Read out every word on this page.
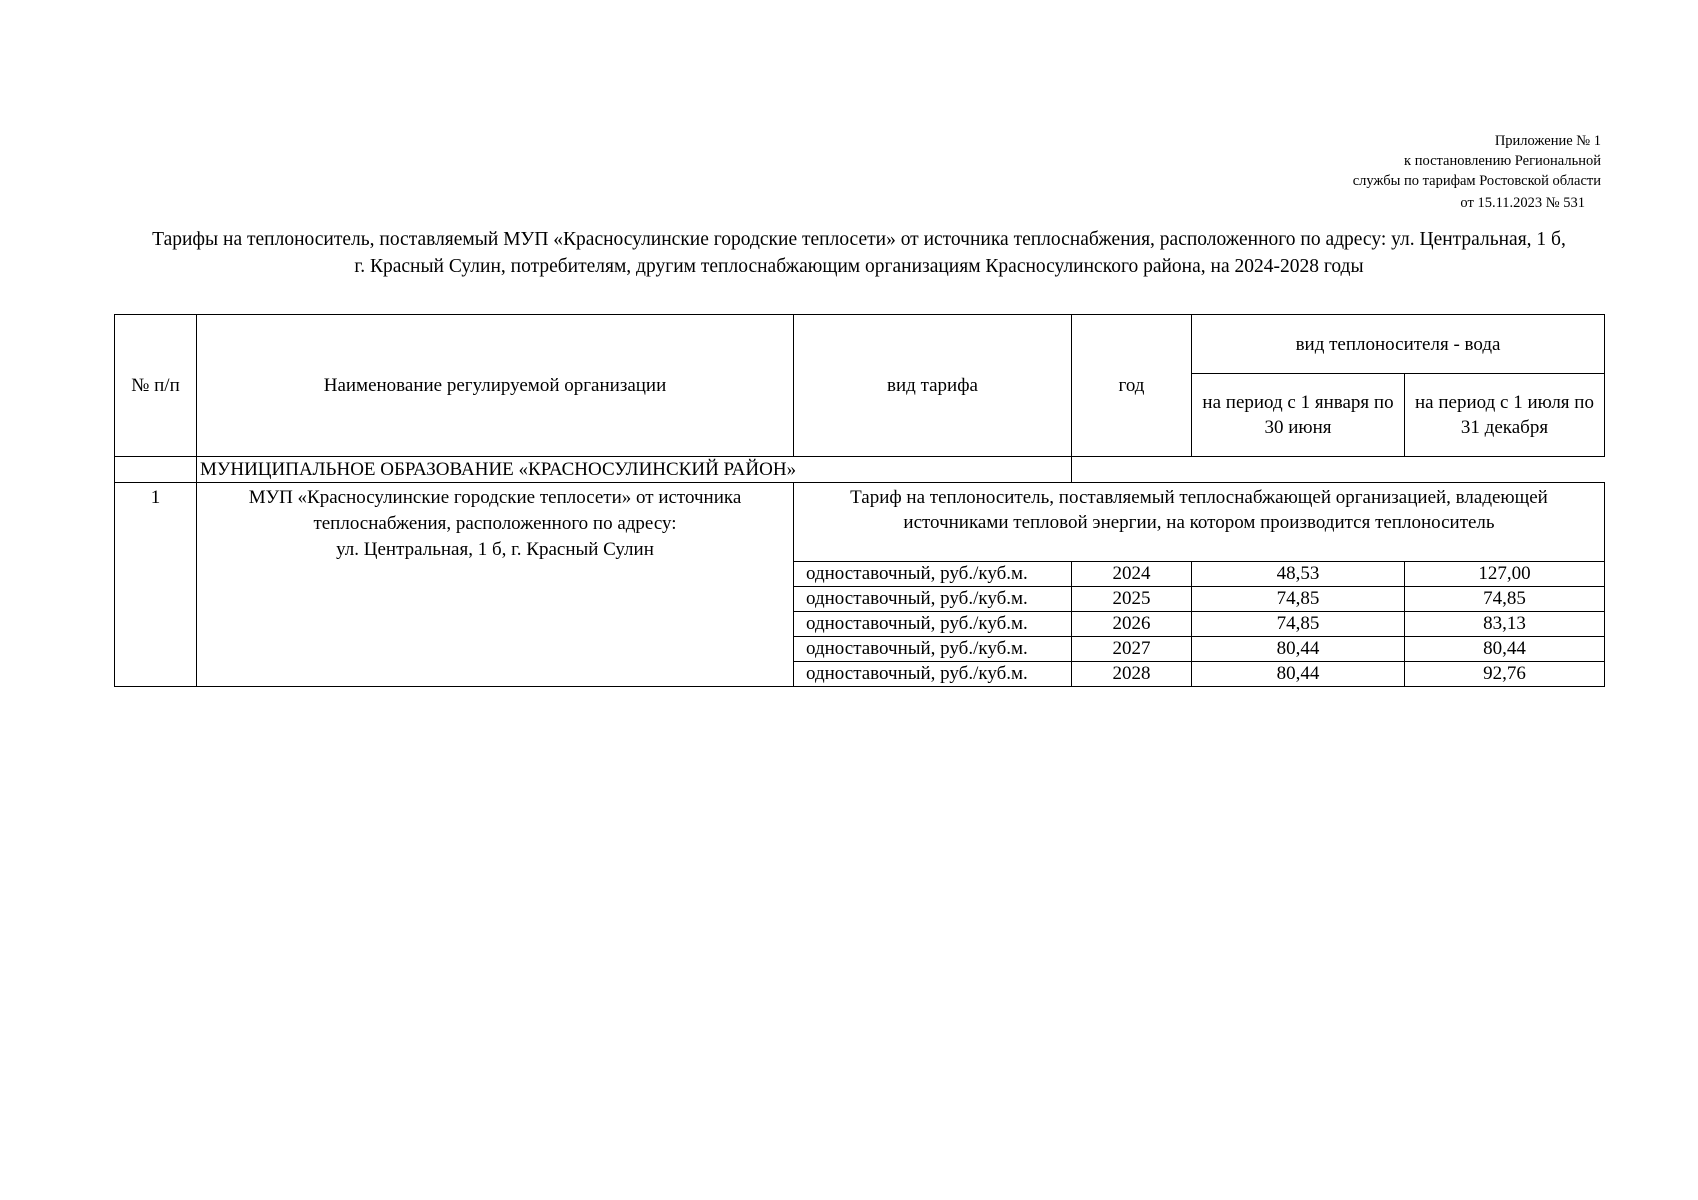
Приложение № 1
к постановлению Региональной
службы по тарифам Ростовской области
от 15.11.2023 № 531
Тарифы на теплоноситель, поставляемый МУП «Красносулинские городские теплосети» от источника теплоснабжения, расположенного по адресу: ул. Центральная, 1 б, г. Красный Сулин, потребителям, другим теплоснабжающим организациям Красносулинского района, на 2024-2028 годы
№ п/п	Наименование регулируемой организации	вид тарифа	год	вид теплоносителя - вода	
				на период с 1 января по 30 июня	на период с 1 июля по 31 декабря
	МУНИЦИПАЛЬНОЕ ОБРАЗОВАНИЕ «КРАСНОСУЛИНСКИЙ РАЙОН»				
1	МУП «Красносулинские городские теплосети» от источника
теплоснабжения, расположенного по адресу:
ул. Центральная, 1 б, г. Красный Сулин	Тариф на теплоноситель, поставляемый теплоснабжающей организацией, владеющей источниками тепловой энергии, на котором производится теплоноситель			
		одноставочный, руб./куб.м.	2024	48,53	127,00
		одноставочный, руб./куб.м.	2025	74,85	74,85
		одноставочный, руб./куб.м.	2026	74,85	83,13
		одноставочный, руб./куб.м.	2027	80,44	80,44
		одноставочный, руб./куб.м.	2028	80,44	92,76
